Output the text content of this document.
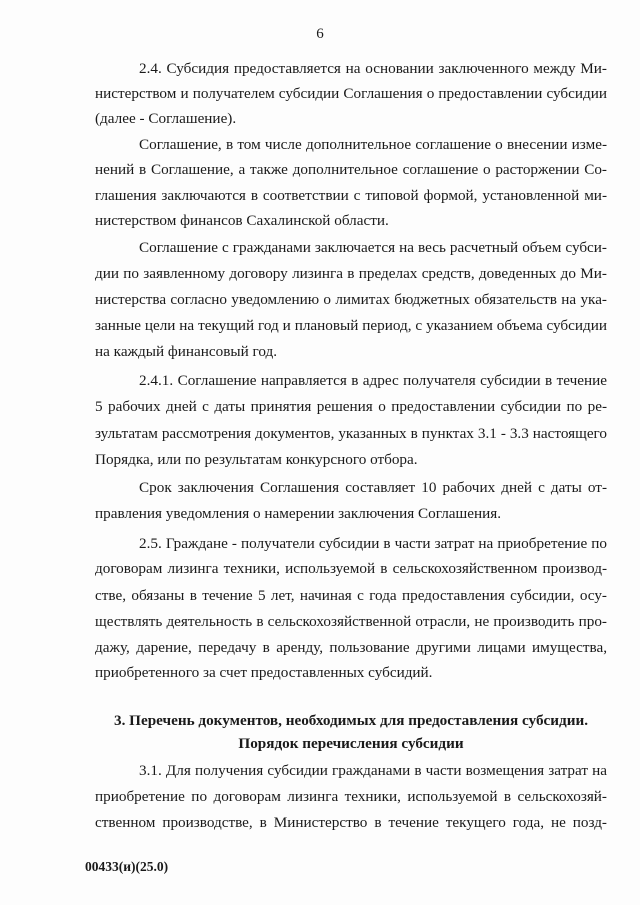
6
2.4. Субсидия предоставляется на основании заключенного между Ми-
нистерством и получателем субсидии Соглашения о предоставлении субсидии
(далее - Соглашение).
Соглашение, в том числе дополнительное соглашение о внесении изме-
нений в Соглашение, а также дополнительное соглашение о расторжении Со-
глашения заключаются в соответствии с типовой формой, установленной ми-
нистерством финансов Сахалинской области.
Соглашение с гражданами заключается на весь расчетный объем субси-
дии по заявленному договору лизинга в пределах средств, доведенных до Ми-
нистерства согласно уведомлению о лимитах бюджетных обязательств на ука-
занные цели на текущий год и плановый период, с указанием объема субсидии
на каждый финансовый год.
2.4.1. Соглашение направляется в адрес получателя субсидии в течение
5 рабочих дней с даты принятия решения о предоставлении субсидии по ре-
зультатам рассмотрения документов, указанных в пунктах 3.1 - 3.3 настоящего
Порядка, или по результатам конкурсного отбора.
Срок заключения Соглашения составляет 10 рабочих дней с даты от-
правления уведомления о намерении заключения Соглашения.
2.5. Граждане - получатели субсидии в части затрат на приобретение по
договорам лизинга техники, используемой в сельскохозяйственном производ-
стве, обязаны в течение 5 лет, начиная с года предоставления субсидии, осу-
ществлять деятельность в сельскохозяйственной отрасли, не производить про-
дажу, дарение, передачу в аренду, пользование другими лицами имущества,
приобретенного за счет предоставленных субсидий.
3. Перечень документов, необходимых для предоставления субсидии.
Порядок перечисления субсидии
3.1. Для получения субсидии гражданами в части возмещения затрат на
приобретение по договорам лизинга техники, используемой в сельскохозяй-
ственном производстве, в Министерство в течение текущего года, не позд-
00433(и)(25.0)
